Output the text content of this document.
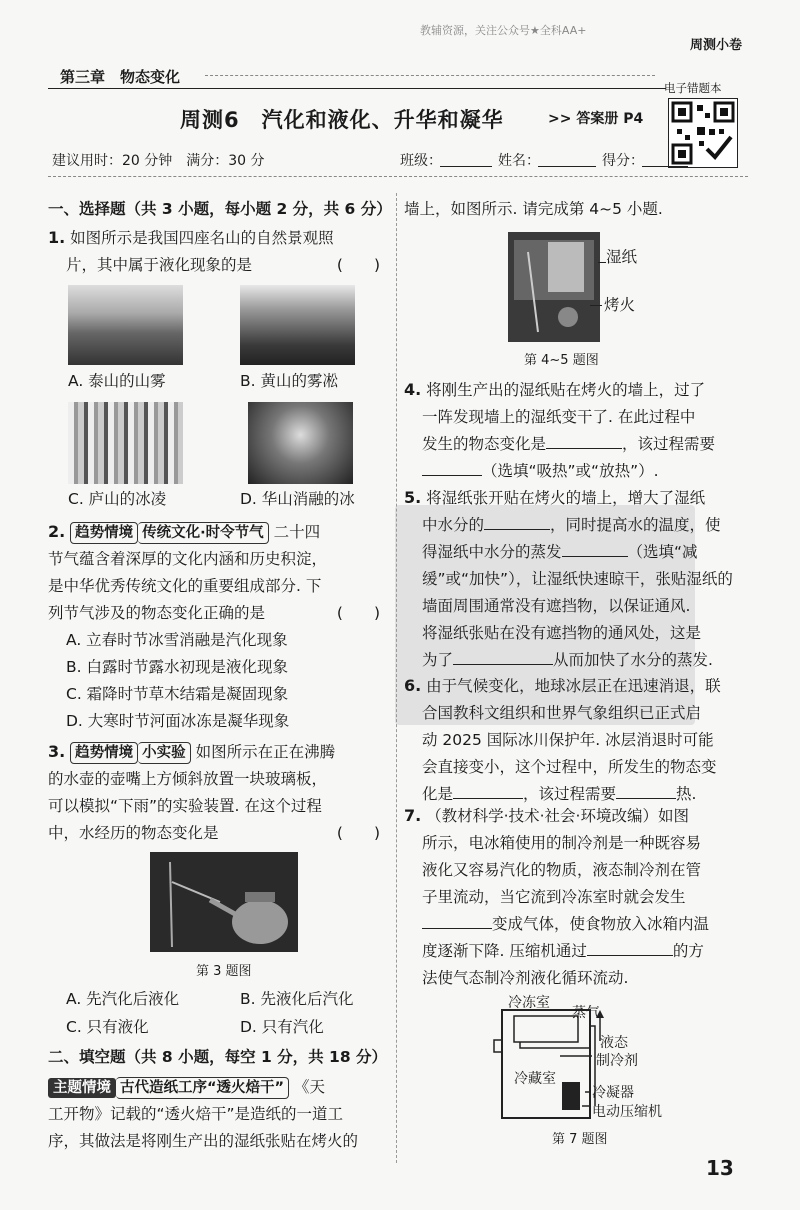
教辅资源，关注公众号★全科AA+
周测小卷
第三章　物态变化
周测6　汽化和液化、升华和凝华	>> 答案册 P4
电子错题本
建议用时：20 分钟　满分：30 分	班级：	姓名：	得分：
一、选择题（共 3 小题，每小题 2 分，共 6 分）
1. 如图所示是我国四座名山的自然景观照
片，其中属于液化现象的是	(　　)
A. 泰山的山雾	B. 黄山的雾凇
C. 庐山的冰凌	D. 华山消融的冰
2. 趋势情境 传统文化·时令节气 二十四
节气蕴含着深厚的文化内涵和历史积淀，
是中华优秀传统文化的重要组成部分. 下
列节气涉及的物态变化正确的是	(　　)
A. 立春时节冰雪消融是汽化现象
B. 白露时节露水初现是液化现象
C. 霜降时节草木结霜是凝固现象
D. 大寒时节河面冰冻是凝华现象
3. 趋势情境 小实验 如图所示在正在沸腾
的水壶的壶嘴上方倾斜放置一块玻璃板，
可以模拟“下雨”的实验装置. 在这个过程
中，水经历的物态变化是	(　　)
第 3 题图
A. 先汽化后液化	B. 先液化后汽化
C. 只有液化	D. 只有汽化
二、填空题（共 8 小题，每空 1 分，共 18 分）
主题情境 古代造纸工序“透火焙干” 《天
工开物》记载的“透火焙干”是造纸的一道工
序，其做法是将刚生产出的湿纸张贴在烤火的
墙上，如图所示. 请完成第 4~5 小题.
湿纸
烤火
第 4~5 题图
4. 将刚生产出的湿纸贴在烤火的墙上，过了
一阵发现墙上的湿纸变干了. 在此过程中
发生的物态变化是	，该过程需要
（选填“吸热”或“放热”）.
5. 将湿纸张开贴在烤火的墙上，增大了湿纸
中水分的	，同时提高水的温度，使
得湿纸中水分的蒸发	（选填“减
缓”或“加快”），让湿纸快速晾干，张贴湿纸的
墙面周围通常没有遮挡物，以保证通风.
将湿纸张贴在没有遮挡物的通风处，这是
为了	从而加快了水分的蒸发.
6. 由于气候变化，地球冰层正在迅速消退，联
合国教科文组织和世界气象组织已正式启
动 2025 国际冰川保护年. 冰层消退时可能
会直接变小，这个过程中，所发生的物态变
化是	，该过程需要	热.
7. （教材科学·技术·社会·环境改编）如图
所示，电冰箱使用的制冷剂是一种既容易
液化又容易汽化的物质，液态制冷剂在管
子里流动，当它流到冷冻室时就会发生
变成气体，使食物放入冰箱内温
度逐渐下降. 压缩机通过	的方
法使气态制冷剂液化循环流动.
冷冻室
蒸气
液态
制冷剂
冷藏室
冷凝器
电动压缩机
第 7 题图
13
